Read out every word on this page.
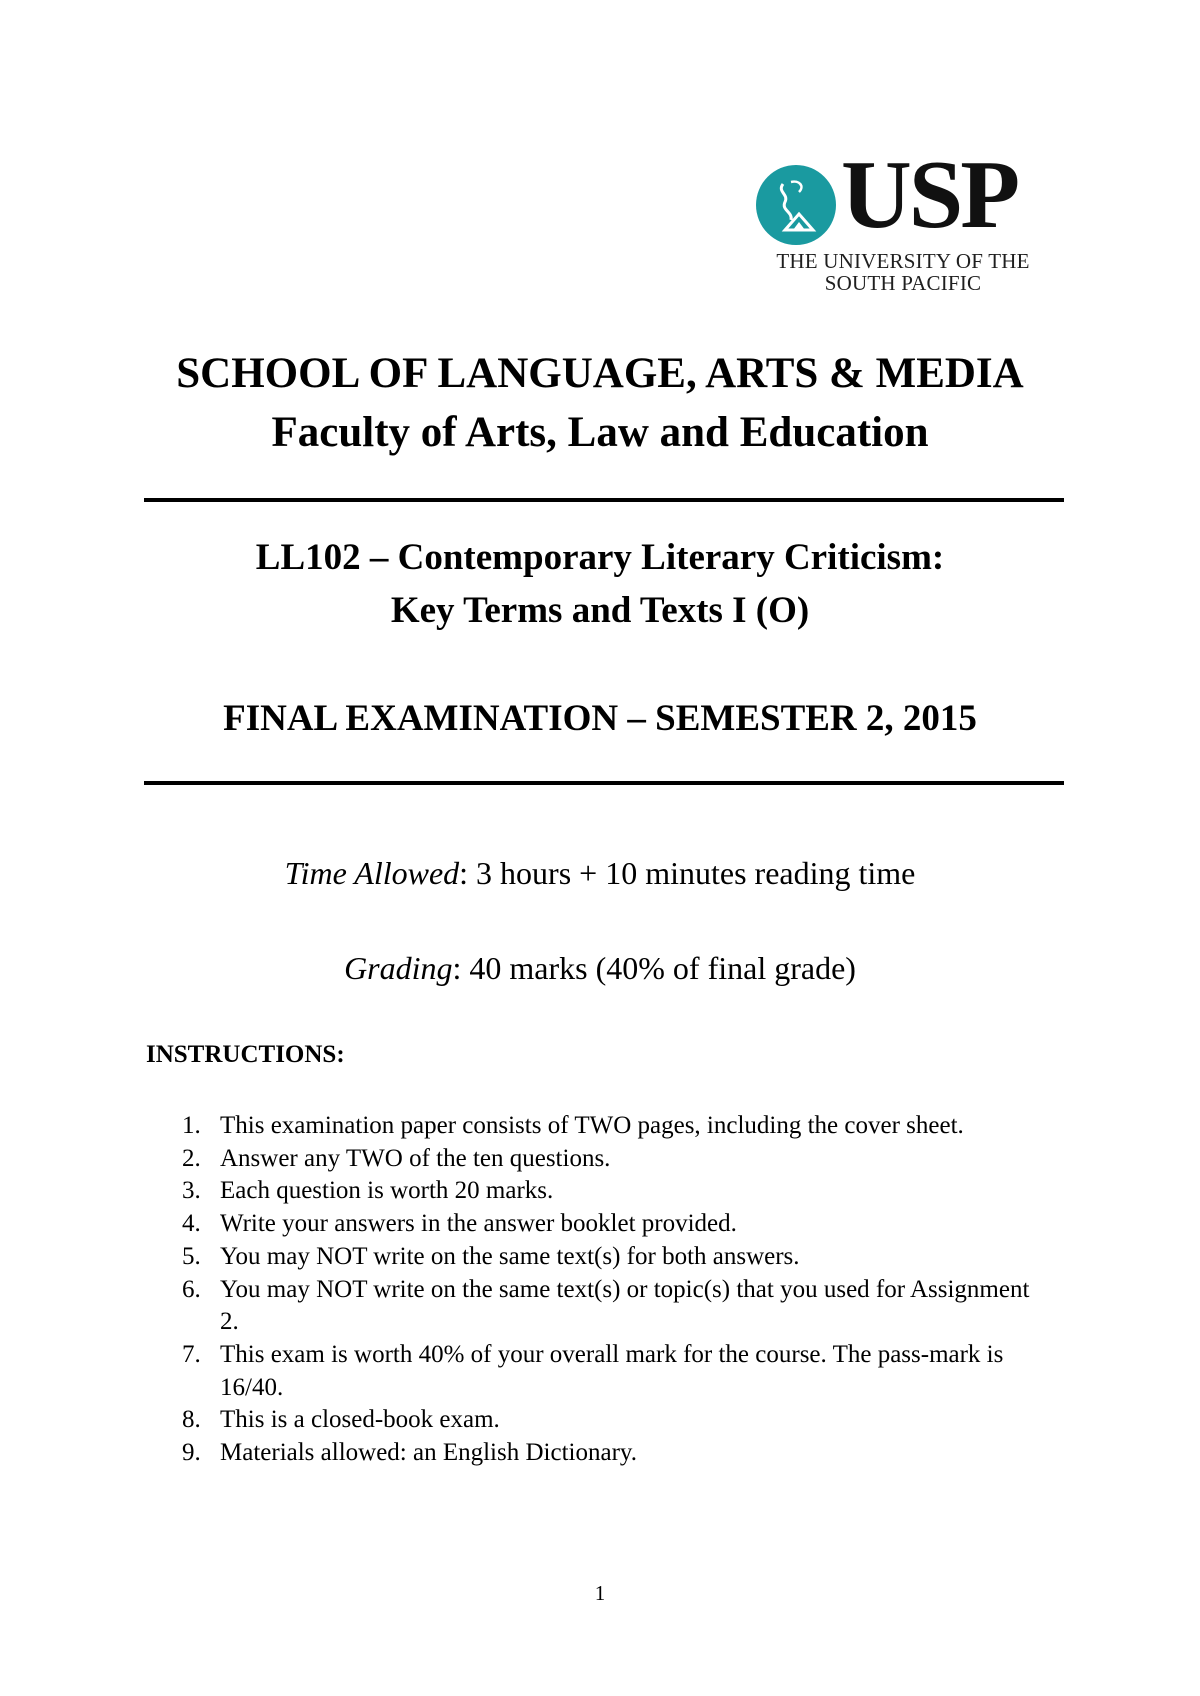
USP
THE UNIVERSITY OF THE
SOUTH PACIFIC
SCHOOL OF LANGUAGE, ARTS & MEDIA
Faculty of Arts, Law and Education
LL102 – Contemporary Literary Criticism:
Key Terms and Texts I (O)
FINAL EXAMINATION – SEMESTER 2, 2015
Time Allowed: 3 hours + 10 minutes reading time
Grading: 40 marks (40% of final grade)
INSTRUCTIONS:
1. This examination paper consists of TWO pages, including the cover sheet.
2. Answer any TWO of the ten questions.
3. Each question is worth 20 marks.
4. Write your answers in the answer booklet provided.
5. You may NOT write on the same text(s) for both answers.
6. You may NOT write on the same text(s) or topic(s) that you used for Assignment 2.
7. This exam is worth 40% of your overall mark for the course. The pass-mark is 16/40.
8. This is a closed-book exam.
9. Materials allowed: an English Dictionary.
1
